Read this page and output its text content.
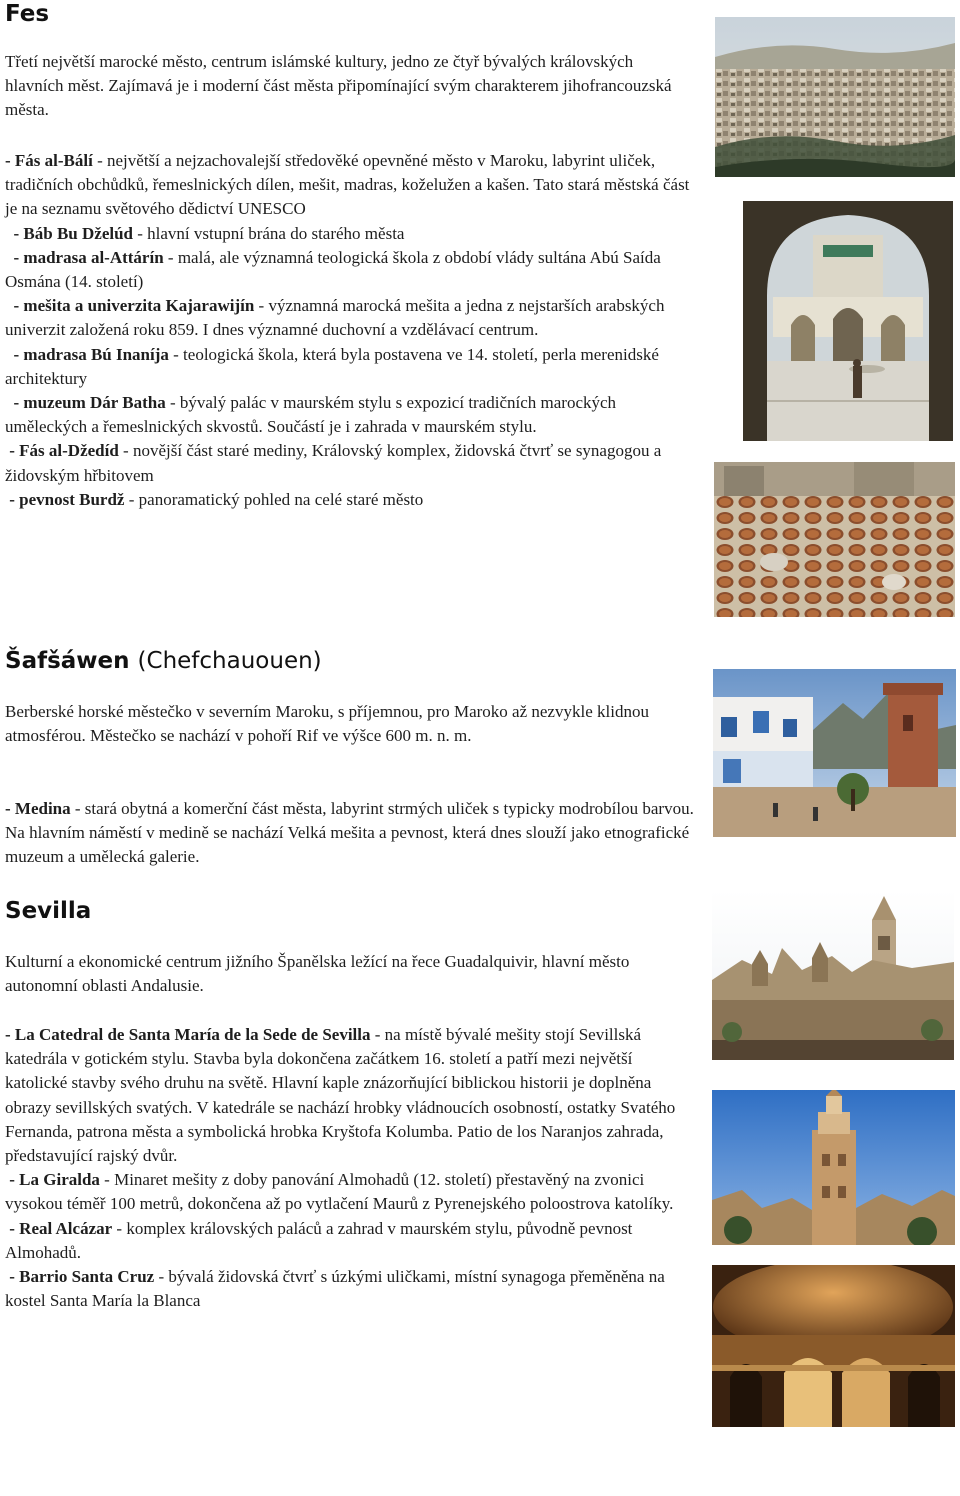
Fes

Třetí největší marocké město, centrum islámské kultury, jedno ze čtyř bývalých královských hlavních měst. Zajímavá je i moderní část města připomínající svým charakterem jihofrancouzská města.

- Fás al-Bálí - největší a nejzachovalejší středověké opevněné město v Maroku, labyrint uliček, tradičních obchůdků, řemeslnických dílen, mešit, madras, koželužen a kašen. Tato stará městská část je na seznamu světového dědictví UNESCO
- Báb Bu Dželúd - hlavní vstupní brána do starého města
- madrasa al-Attárín - malá, ale významná teologická škola z období vlády sultána Abú Saída Osmána (14. století)
- mešita a univerzita Kajarawijín - významná marocká mešita a jedna z nejstarších arabských univerzit založená roku 859. I dnes významné duchovní a vzdělávací centrum.
- madrasa Bú Inaníja - teologická škola, která byla postavena ve 14. století, perla merenidské architektury
- muzeum Dár Batha - bývalý palác v maurském stylu s expozicí tradičních marockých uměleckých a řemeslnických skvostů. Součástí je i zahrada v maurském stylu.
- Fás al-Džedíd - novější část staré mediny, Královský komplex, židovská čtvrť se synagogou a židovským hřbitovem
- pevnost Burdž - panoramatický pohled na celé staré město

Šafšáwen (Chefchauouen)

Berberské horské městečko v severním Maroku, s příjemnou, pro Maroko až nezvykle klidnou atmosférou. Městečko se nachází v pohoří Rif ve výšce 600 m. n. m.

- Medina - stará obytná a komerční část města, labyrint strmých uliček s typicky modrobílou barvou. Na hlavním náměstí v medině se nachází Velká mešita a pevnost, která dnes slouží jako etnografické muzeum a umělecká galerie.

Sevilla

Kulturní a ekonomické centrum jižního Španělska ležící na řece Guadalquivir, hlavní město autonomní oblasti Andalusie.

- La Catedral de Santa María de la Sede de Sevilla - na místě bývalé mešity stojí Sevillská katedrála v gotickém stylu. Stavba byla dokončena začátkem 16. století a patří mezi největší katolické stavby svého druhu na světě. Hlavní kaple znázorňující biblickou historii je doplněna obrazy sevillských svatých. V katedrále se nachází hrobky vládnoucích osobností, ostatky Svatého Fernanda, patrona města a symbolická hrobka Kryštofa Kolumba. Patio de los Naranjos zahrada, představující rajský dvůr.
- La Giralda - Minaret mešity z doby panování Almohadů (12. století) přestavěný na zvonici vysokou téměř 100 metrů, dokončena až po vytlačení Maurů z Pyrenejského poloostrova katolíky.
- Real Alcázar - komplex královských paláců a zahrad v maurském stylu, původně pevnost Almohadů.
- Barrio Santa Cruz - bývalá židovská čtvrť s úzkými uličkami, místní synagoga přeměněna na kostel Santa María la Blanca
